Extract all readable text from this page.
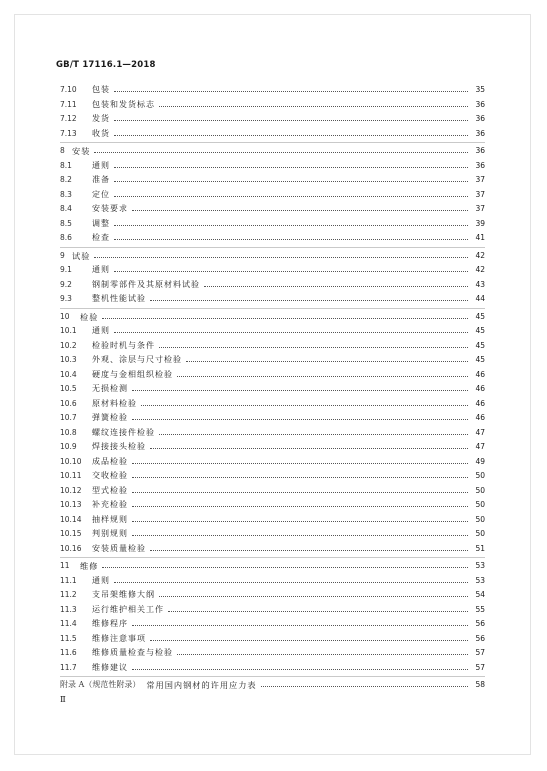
GB/T 17116.1—2018
7.10	包装	35
7.11	包装和发货标志	36
7.12	发货	36
7.13	收货	36
8 安装	36
8.1	通则	36
8.2	准备	37
8.3	定位	37
8.4	安装要求	37
8.5	调整	39
8.6	检查	41
9 试验	42
9.1	通则	42
9.2	钢制零部件及其原材料试验	43
9.3	整机性能试验	44
10	检验	45
10.1	通则	45
10.2	检验时机与条件	45
10.3	外观、涂层与尺寸检验	45
10.4	硬度与金相组织检验	46
10.5	无损检测	46
10.6	原材料检验	46
10.7	弹簧检验	46
10.8	螺纹连接件检验	47
10.9	焊接接头检验	47
10.10	成品检验	49
10.11	交收检验	50
10.12	型式检验	50
10.13	补充检验	50
10.14	抽样规则	50
10.15	判别规则	50
10.16	安装质量检验	51
11	维修	53
11.1	通则	53
11.2	支吊架维修大纲	54
11.3	运行维护相关工作	55
11.4	维修程序	56
11.5	维修注意事项	56
11.6	维修质量检查与检验	57
11.7	维修建议	57
附录 A（规范性附录） 常用国内钢材的许用应力表	58
Ⅱ
